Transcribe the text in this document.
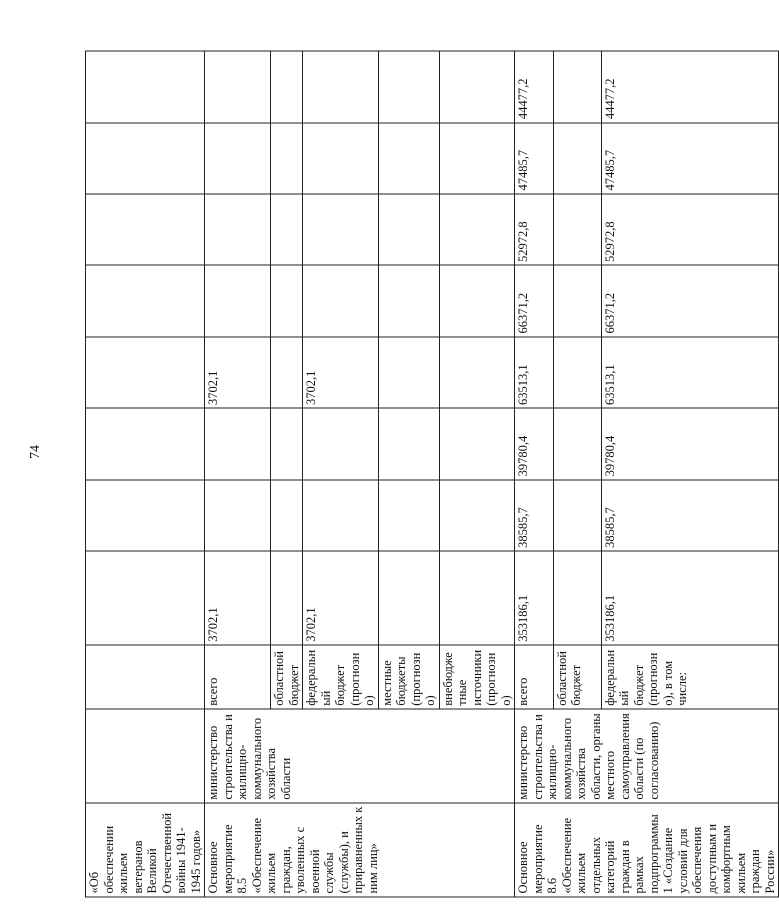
74
«Об обеспечении жильем ветеранов Великой Отечественной войны 1941-1945 годов»										
Основное мероприятие 8.5 «Обеспечение жильем граждан, уволенных с военной службы (службы), и приравненных к ним лиц»	министерство строительства и жилищно-коммунального хозяйства области	всего	3702,1			3702,1				
		областной бюджет								
		федеральный бюджет (прогнозно)	3702,1			3702,1				
		местные бюджеты (прогнозно)								
		внебюджетные источники (прогнозно)								
Основное мероприятие 8.6 «Обеспечение жильем отдельных категорий граждан в рамках подпрограммы 1 «Создание условий для обеспечения доступным и комфортным жильем граждан России»	министерство строительства и жилищно-коммунального хозяйства области, органы местного самоуправления области (по согласованию)	всего	353186,1	38585,7	39780,4	63513,1	66371,2	52972,8	47485,7	44477,2
		областной бюджет								
		федеральный бюджет (прогнозно), в том числе:	353186,1	38585,7	39780,4	63513,1	66371,2	52972,8	47485,7	44477,2
